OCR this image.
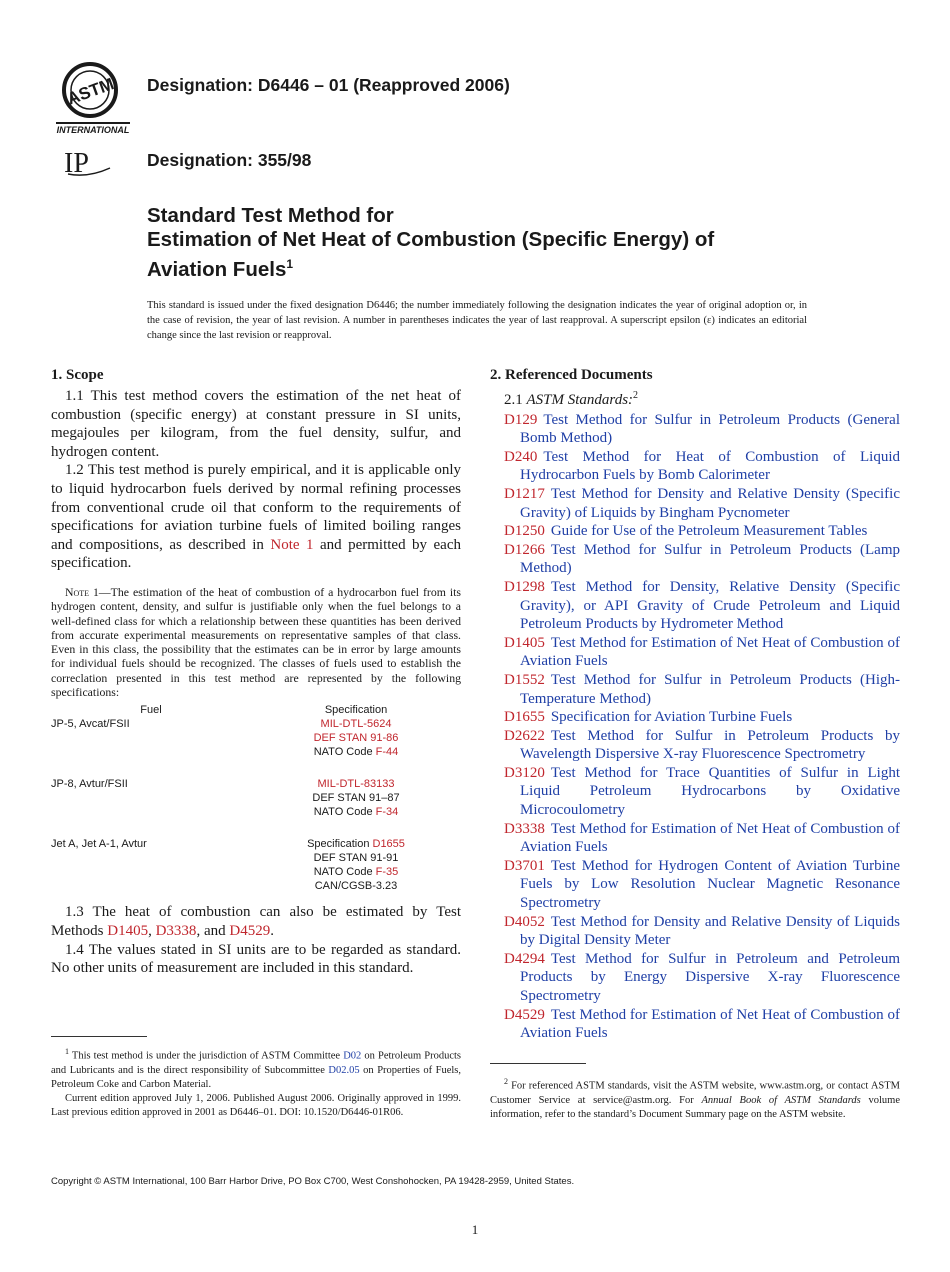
ASTM
INTERNATIONAL
IP
Designation: D6446 – 01 (Reapproved 2006)
Designation: 355/98
Standard Test Method for
Estimation of Net Heat of Combustion (Specific Energy) of
Aviation Fuels$^1$
This standard is issued under the fixed designation D6446; the number immediately following the designation indicates the year of original adoption or, in the case of revision, the year of last revision. A number in parentheses indicates the year of last reapproval. A superscript epsilon (ε) indicates an editorial change since the last revision or reapproval.
1. Scope

1.1 This test method covers the estimation of the net heat of combustion (specific energy) at constant pressure in SI units, megajoules per kilogram, from the fuel density, sulfur, and hydrogen content.

1.2 This test method is purely empirical, and it is applicable only to liquid hydrocarbon fuels derived by normal refining processes from conventional crude oil that conform to the requirements of specifications for aviation turbine fuels of limited boiling ranges and compositions, as described in Note 1 and permitted by each specification.

Note 1—The estimation of the heat of combustion of a hydrocarbon fuel from its hydrogen content, density, and sulfur is justifiable only when the fuel belongs to a well-defined class for which a relationship between these quantities has been derived from accurate experimental measurements on representative samples of that class. Even in this class, the possibility that the estimates can be in error by large amounts for individual fuels should be recognized. The classes of fuels used to establish the correclation presented in this test method are represented by the following specifications:
Fuel	Specification
JP-5, Avcat/FSII	MIL-DTL-5624
DEF STAN 91-86
NATO Code F-44

JP-8, Avtur/FSII	MIL-DTL-83133
DEF STAN 91–87
NATO Code F-34

Jet A, Jet A-1, Avtur	Specification D1655
DEF STAN 91-91
NATO Code F-35
CAN/CGSB-3.23

1.3 The heat of combustion can also be estimated by Test Methods D1405, D3338, and D4529.

1.4 The values stated in SI units are to be regarded as standard. No other units of measurement are included in this standard.

2. Referenced Documents
2.1 ASTM Standards:$^2$

D129 Test Method for Sulfur in Petroleum Products (General Bomb Method)

D240 Test Method for Heat of Combustion of Liquid Hydrocarbon Fuels by Bomb Calorimeter

D1217 Test Method for Density and Relative Density (Specific Gravity) of Liquids by Bingham Pycnometer

D1250 Guide for Use of the Petroleum Measurement Tables

D1266 Test Method for Sulfur in Petroleum Products (Lamp Method)

D1298 Test Method for Density, Relative Density (Specific Gravity), or API Gravity of Crude Petroleum and Liquid Petroleum Products by Hydrometer Method

D1405 Test Method for Estimation of Net Heat of Combustion of Aviation Fuels

D1552 Test Method for Sulfur in Petroleum Products (High-Temperature Method)

D1655 Specification for Aviation Turbine Fuels

D2622 Test Method for Sulfur in Petroleum Products by Wavelength Dispersive X-ray Fluorescence Spectrometry

D3120 Test Method for Trace Quantities of Sulfur in Light Liquid Petroleum Hydrocarbons by Oxidative Microcoulometry

D3338 Test Method for Estimation of Net Heat of Combustion of Aviation Fuels

D3701 Test Method for Hydrogen Content of Aviation Turbine Fuels by Low Resolution Nuclear Magnetic Resonance Spectrometry

D4052 Test Method for Density and Relative Density of Liquids by Digital Density Meter

D4294 Test Method for Sulfur in Petroleum and Petroleum Products by Energy Dispersive X-ray Fluorescence Spectrometry

D4529 Test Method for Estimation of Net Heat of Combustion of Aviation Fuels

$^1$ This test method is under the jurisdiction of ASTM Committee D02 on Petroleum Products and Lubricants and is the direct responsibility of Subcommittee D02.05 on Properties of Fuels, Petroleum Coke and Carbon Material.
Current edition approved July 1, 2006. Published August 2006. Originally approved in 1999. Last previous edition approved in 2001 as D6446–01. DOI: 10.1520/D6446-01R06.
$^2$ For referenced ASTM standards, visit the ASTM website, www.astm.org, or contact ASTM Customer Service at service@astm.org. For Annual Book of ASTM Standards volume information, refer to the standard’s Document Summary page on the ASTM website.
Copyright © ASTM International, 100 Barr Harbor Drive, PO Box C700, West Conshohocken, PA 19428-2959, United States.
1
